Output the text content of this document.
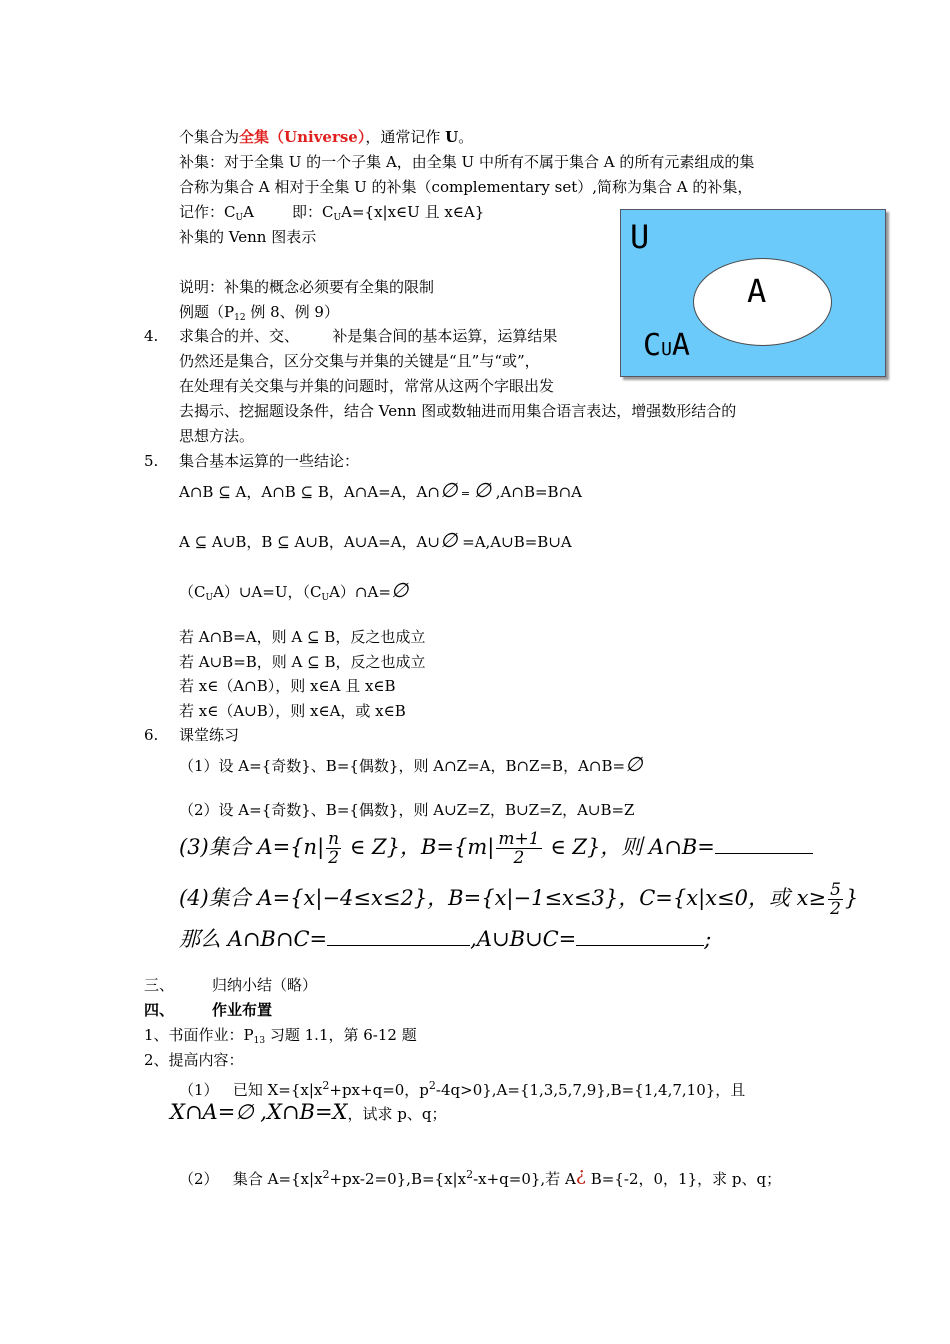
个集合为全集（Universe），通常记作 U。
补集：对于全集 U 的一个子集 A，由全集 U 中所有不属于集合 A 的所有元素组成的集
合称为集合 A 相对于全集 U 的补集（complementary set）,简称为集合 A 的补集，
记作：$C_UA$        即：$C_UA=\{x|x\in U$ 且 x∈A}
补集的 Venn 图表示
说明：补集的概念必须要有全集的限制
例题（$P_{12}$ 例 8、例 9）
U
A
CUA
4. 求集合的并、交、       补是集合间的基本运算，运算结果
仍然还是集合，区分交集与并集的关键是“且”与“或”，
在处理有关交集与并集的问题时，常常从这两个字眼出发
去揭示、挖掘题设条件，结合 Venn 图或数轴进而用集合语言表达，增强数形结合的
思想方法。
5. 集合基本运算的一些结论：
A∩B ⊆ A，A∩B ⊆ B，A∩A=A，A∩∅ = ∅ ,A∩B=B∩A
A ⊆ A∪B，B ⊆ A∪B，A∪A=A，A∪∅ =A,A∪B=B∪A
$(C_UA)\cup A=U$，$(C_UA)\cap A=\emptyset$
若 A∩B=A，则 A ⊆ B，反之也成立
若 A∪B=B，则 A ⊆ B，反之也成立
若 x∈（A∩B），则 x∈A 且 x∈B
若 x∈（A∪B），则 x∈A，或 x∈B
6. 课堂练习
（1）设 A={奇数}、B={偶数}，则 A∩Z=A，B∩Z=B，A∩B=∅
（2）设 A={奇数}、B={偶数}，则 A∪Z=Z，B∪Z=Z，A∪B=Z
(3)集合 $A=\{n| \frac{n}{2}$ ∈ Z}，$B=\{m| \frac{m+1}{2}$ ∈ Z}，则 A∩B=
(4)集合 A={x|−4≤x≤2}，B={x|−1≤x≤3}，C={x|x≤0，或 $x\ge \frac{5}{2}$ }
那么 A∩B∩C=	,A∪B∪C=	;
三、	归纳小结（略）
四、	作业布置
1、书面作业：$P_{13}$ 习题 1.1，第 6-12 题
2、提高内容：
（1）   已知 $X=\{x|x^2+px+q=0$，$p^2-4q>0\},A=\{1,3,5,7,9\},B=\{1,4,7,10\}$，且
X∩A=∅ ,X∩B=X，试求 p、q；
（2）   集合 $A=\{x|x^2+px-2=0\},B=\{x|x^2-x+q=0\}$,若 A¿ B={-2，0，1}，求 p、q；
